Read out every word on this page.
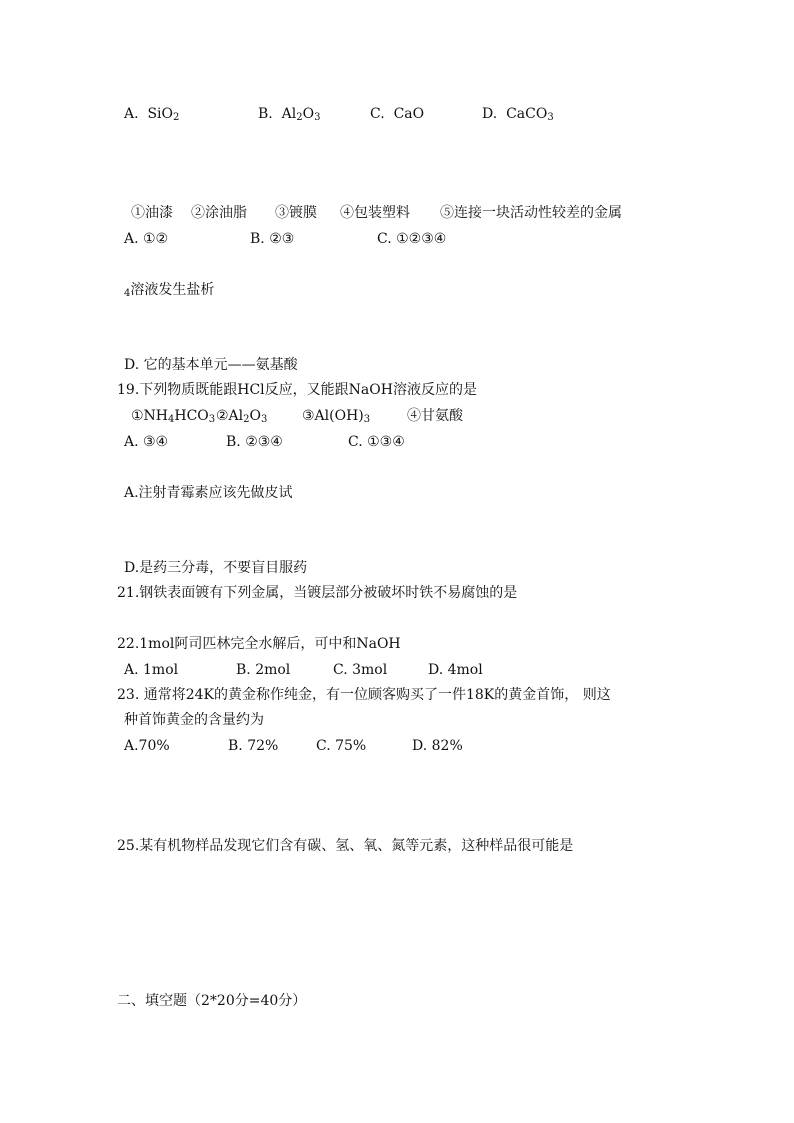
A. SiO2	B. Al2O3	C. CaO	D. CaCO3
①油漆 ②涂油脂 ③镀膜 ④包装塑料 ⑤连接一块活动性较差的金属
A. ①②	B. ②③	C. ①②③④
4溶液发生盐析
D. 它的基本单元——氨基酸
19.下列物质既能跟HCl反应，又能跟NaOH溶液反应的是
①NH4HCO3 ②Al2O3 ③Al(OH)3	④甘氨酸
A. ③④	B. ②③④	C. ①③④
A.注射青霉素应该先做皮试
D.是药三分毒，不要盲目服药
21.钢铁表面镀有下列金属，当镀层部分被破坏时铁不易腐蚀的是
22.1mol阿司匹林完全水解后，可中和NaOH
A. 1mol	B. 2mol	C. 3mol	D. 4mol
23. 通常将24K的黄金称作纯金，有一位顾客购买了一件18K的黄金首饰， 则这
种首饰黄金的含量约为
A.70%	B. 72%	C. 75%	D. 82%
25.某有机物样品发现它们含有碳、氢、氧、氮等元素，这种样品很可能是
二、填空题（2*20分=40分）
